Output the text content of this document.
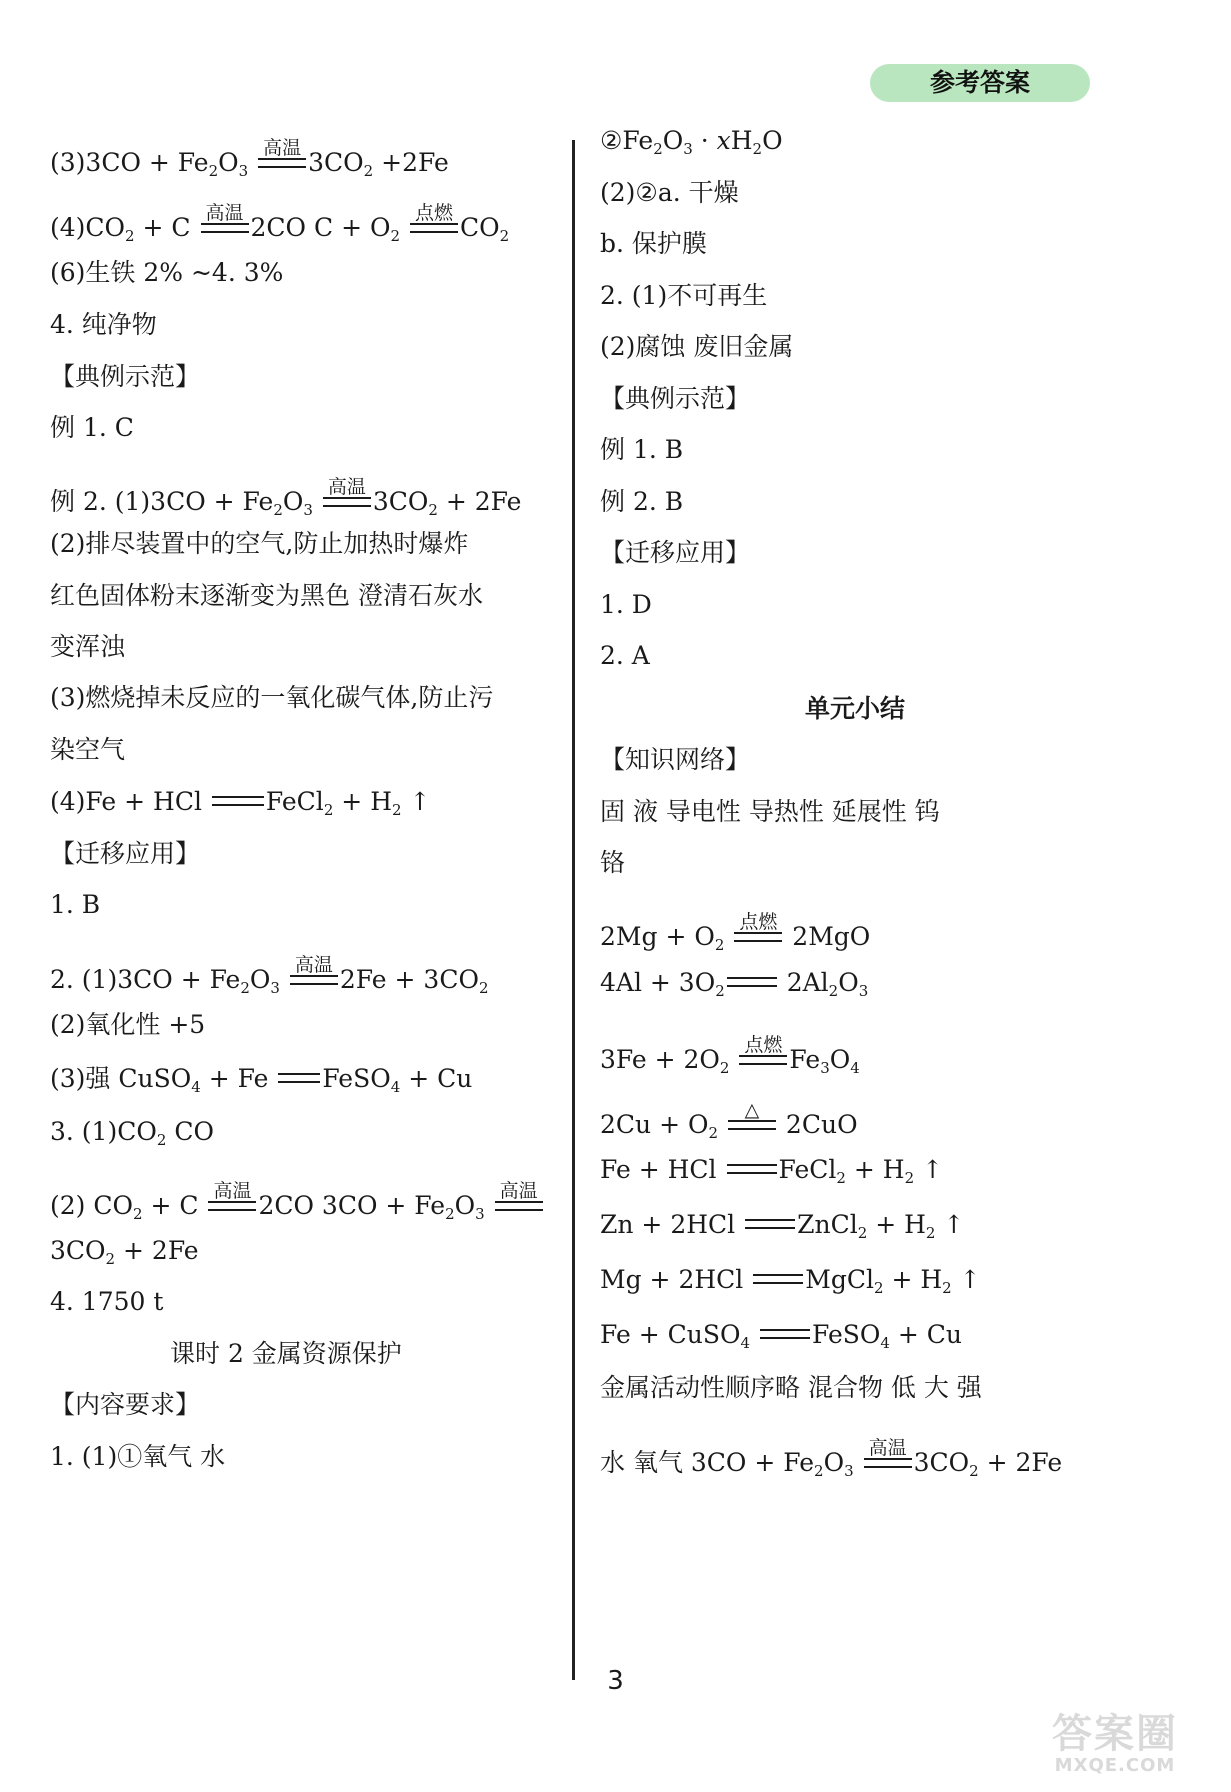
参考答案
$(3)3CO + Fe_2O_3$
高温 $3CO_2 +2Fe$
$(4)CO_2 + C$ 高温 2CO $C + O_2$
点燃 $CO_2$
(6)生铁 2% ~4. 3%
4. 纯净物
【典例示范】
例 1. C
例 2. $(1)3CO + Fe_2O_3$
高温 $3CO_2 + 2Fe$
(2)排尽装置中的空气,防止加热时爆炸
红色固体粉末逐渐变为黑色 澄清石灰水
变浑浊
(3)燃烧掉未反应的一氧化碳气体,防止污
染空气
(4)Fe + HCl
FeCl$_2$ + $H_2$ ↑
【迁移应用】
1. B
2. $(1)3CO + Fe_2O_3$
高温 $2Fe + 3CO_2$
(2)氧化性 +5
(3)强 CuSO$_4$ + Fe
FeSO$_4$ + Cu
3. $(1)CO_2$ CO
(2) $CO_2 + C$ 高温 2CO $3CO + Fe_2O_3$
高温
$3CO_2 + 2Fe$
4. 1750 t
课时 2 金属资源保护
【内容要求】
1. (1)①氧气 水
$②Fe_2O_3 \cdot xH_2O$
(2)②a. 干燥
b. 保护膜
2. (1)不可再生
(2)腐蚀 废旧金属
【典例示范】
例 1. B
例 2. B
【迁移应用】
1. D
2. A
单元小结
【知识网络】
固 液 导电性 导热性 延展性 钨
铬
$2Mg + O_2$
点燃 2MgO
$4Al + 3O_2$
$2Al_2O_3$
$3Fe + 2O_2$
点燃 $Fe_3O_4$
$2Cu + O_2$
△ 2CuO
Fe + HCl
FeCl$_2$ + $H_2$ ↑
Zn + 2HCl
ZnCl$_2$ + $H_2$ ↑
Mg + 2HCl
MgCl$_2$ + $H_2$ ↑
Fe + CuSO$_4$ FeSO$_4$ + Cu
金属活动性顺序略 混合物 低 大 强
水 氧气 $3CO + Fe_2O_3$
高温 $3CO_2 + 2Fe$
3
答案圈
MXQE.COM
